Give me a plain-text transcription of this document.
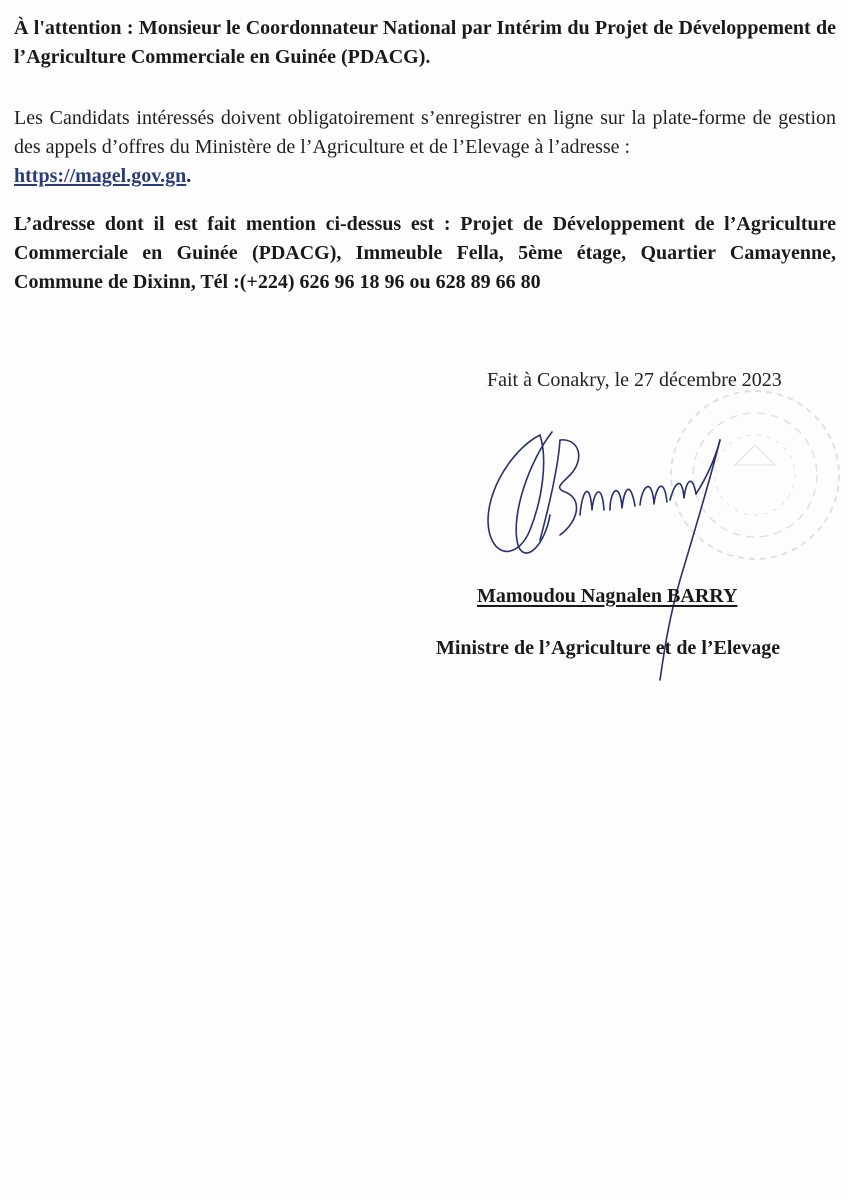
À l'attention : Monsieur le Coordonnateur National par Intérim du Projet de Développement de l’Agriculture Commerciale en Guinée (PDACG).

Les Candidats intéressés doivent obligatoirement s’enregistrer en ligne sur la plate-forme de gestion des appels d’offres du Ministère de l’Agriculture et de l’Elevage à l’adresse :
https://magel.gov.gn.

L’adresse dont il est fait mention ci-dessus est : Projet de Développement de l’Agriculture Commerciale en Guinée (PDACG), Immeuble Fella, 5ème étage, Quartier Camayenne, Commune de Dixinn, Tél :(+224) 626 96 18 96 ou 628 89 66 80

Fait à Conakry, le 27 décembre 2023
Mamoudou Nagnalen BARRY
Ministre de l’Agriculture et de l’Elevage
